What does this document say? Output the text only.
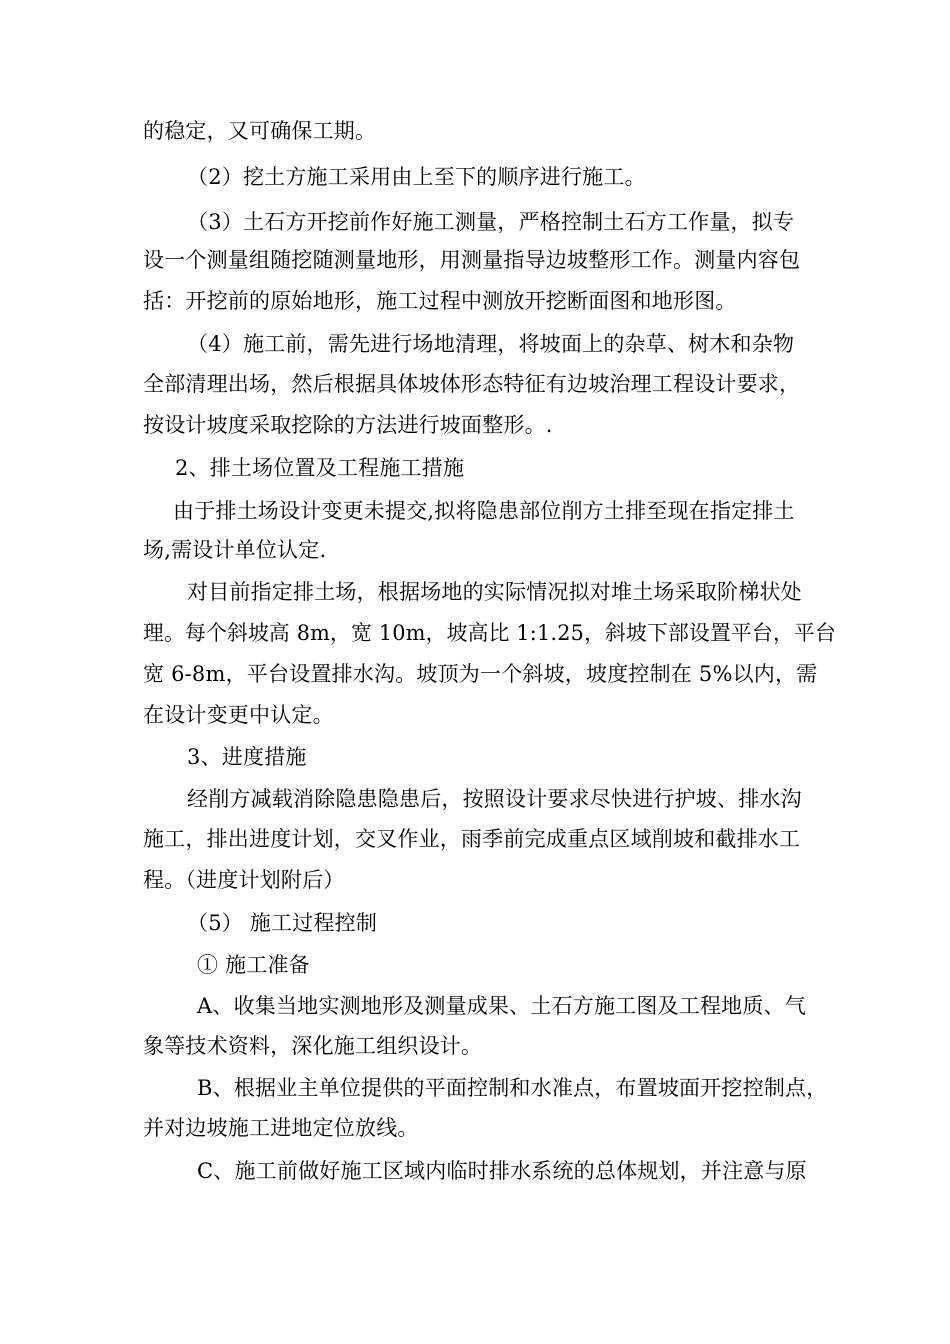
的稳定，又可确保工期。
（2）挖土方施工采用由上至下的顺序进行施工。
（3）土石方开挖前作好施工测量，严格控制土石方工作量，拟专
设一个测量组随挖随测量地形，用测量指导边坡整形工作。测量内容包
括：开挖前的原始地形，施工过程中测放开挖断面图和地形图。
（4）施工前，需先进行场地清理，将坡面上的杂草、树木和杂物
全部清理出场，然后根据具体坡体形态特征有边坡治理工程设计要求，
按设计坡度采取挖除的方法进行坡面整形。.
2、排土场位置及工程施工措施
由于排土场设计变更未提交,拟将隐患部位削方土排至现在指定排土
场,需设计单位认定.
对目前指定排土场，根据场地的实际情况拟对堆土场采取阶梯状处
理。每个斜坡高 8m，宽 10m，坡高比 1:1.25，斜坡下部设置平台，平台
宽 6-8m，平台设置排水沟。坡顶为一个斜坡，坡度控制在 5%以内，需
在设计变更中认定。
3、进度措施
经削方减载消除隐患隐患后，按照设计要求尽快进行护坡、排水沟
施工，排出进度计划，交叉作业，雨季前完成重点区域削坡和截排水工
程。（进度计划附后）
（5） 施工过程控制
① 施工准备
A、收集当地实测地形及测量成果、土石方施工图及工程地质、气
象等技术资料，深化施工组织设计。
B、根据业主单位提供的平面控制和水准点，布置坡面开挖控制点，
并对边坡施工进地定位放线。
C、施工前做好施工区域内临时排水系统的总体规划，并注意与原
